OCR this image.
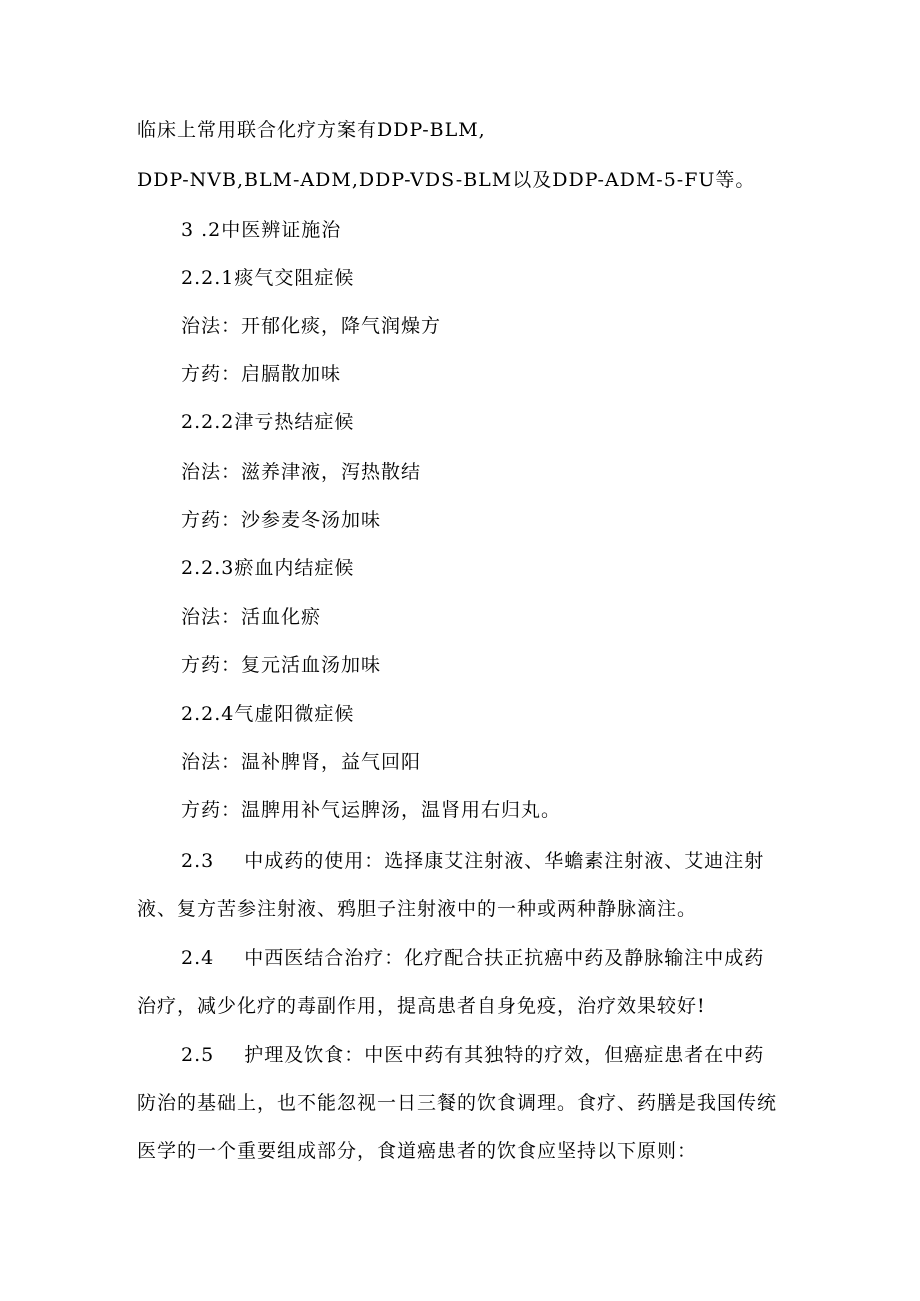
临床上常用联合化疗方案有DDP-BLM,
DDP-NVB,BLM-ADM,DDP-VDS-BLM以及DDP-ADM-5-FU等。
3 .2中医辨证施治
2.2.1痰气交阻症候
治法：开郁化痰，降气润燥方
方药：启膈散加味
2.2.2津亏热结症候
治法：滋养津液，泻热散结
方药：沙参麦冬汤加味
2.2.3瘀血内结症候
治法：活血化瘀
方药：复元活血汤加味
2.2.4气虚阳微症候
治法：温补脾肾，益气回阳
方药：温脾用补气运脾汤，温肾用右归丸。
2.3 中成药的使用：选择康艾注射液、华蟾素注射液、艾迪注射液、复方苦参注射液、鸦胆子注射液中的一种或两种静脉滴注。
2.4 中西医结合治疗：化疗配合扶正抗癌中药及静脉输注中成药治疗，减少化疗的毒副作用，提高患者自身免疫，治疗效果较好!
2.5 护理及饮食：中医中药有其独特的疗效，但癌症患者在中药防治的基础上，也不能忽视一日三餐的饮食调理。食疗、药膳是我国传统医学的一个重要组成部分，食道癌患者的饮食应坚持以下原则：
